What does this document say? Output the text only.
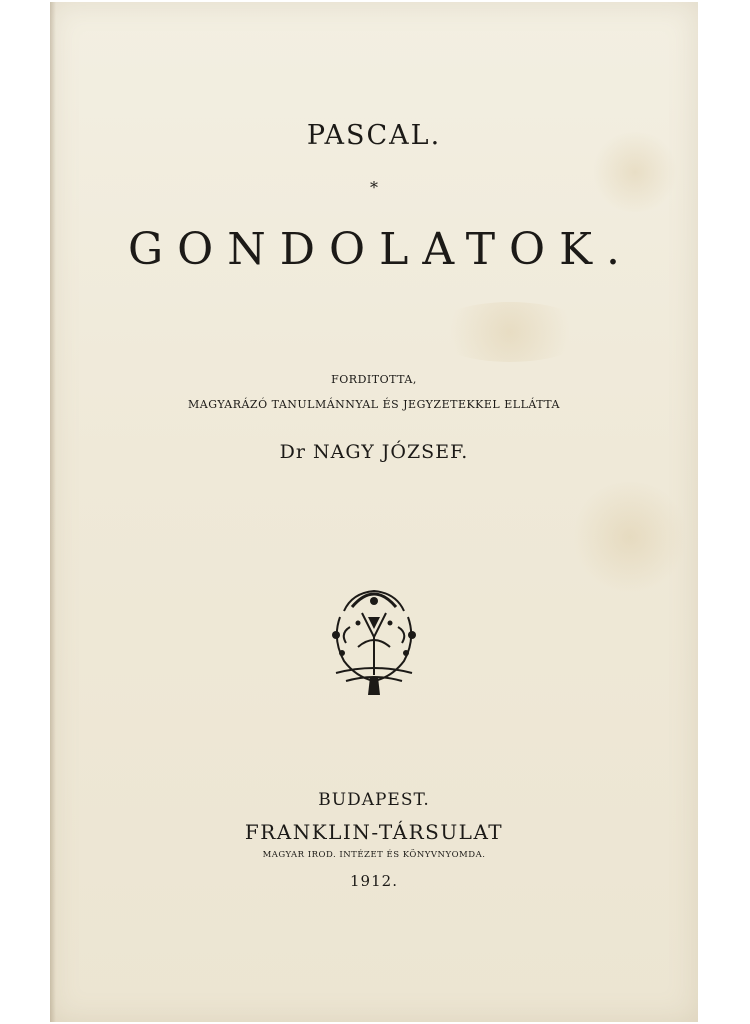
PASCAL.
*
GONDOLATOK.
FORDITOTTA,
MAGYARÁZÓ TANULMÁNNYAL ÉS JEGYZETEKKEL ELLÁTTA
Dr NAGY JÓZSEF.
BUDAPEST.
FRANKLIN-TÁRSULAT
MAGYAR IROD. INTÉZET ÉS KÖNYVNYOMDA.
1912.
